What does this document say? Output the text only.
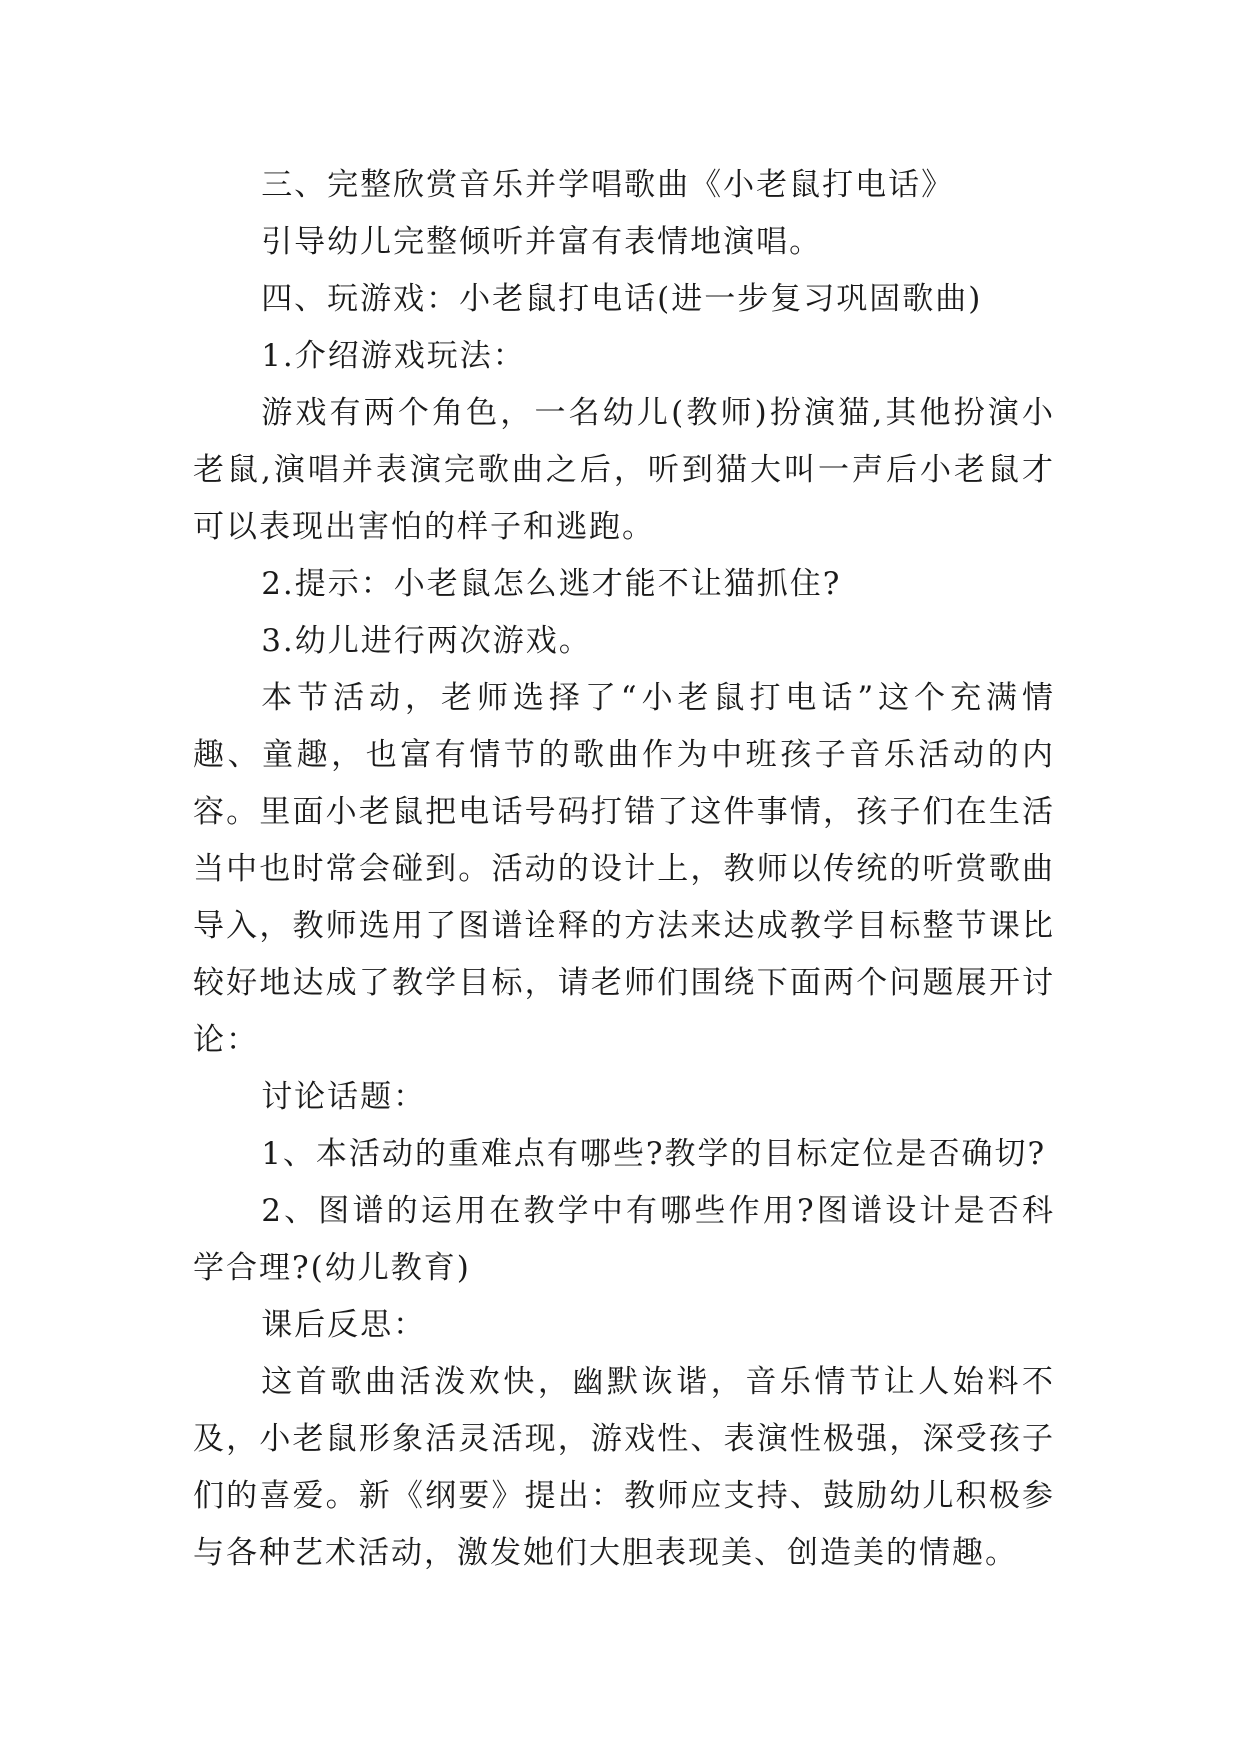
三、完整欣赏音乐并学唱歌曲《小老鼠打电话》

引导幼儿完整倾听并富有表情地演唱。

四、玩游戏：小老鼠打电话(进一步复习巩固歌曲)

1.介绍游戏玩法：

游戏有两个角色，一名幼儿(教师)扮演猫,其他扮演小老鼠,演唱并表演完歌曲之后，听到猫大叫一声后小老鼠才可以表现出害怕的样子和逃跑。

2.提示：小老鼠怎么逃才能不让猫抓住?

3.幼儿进行两次游戏。

本节活动，老师选择了“小老鼠打电话”这个充满情趣、童趣，也富有情节的歌曲作为中班孩子音乐活动的内容。里面小老鼠把电话号码打错了这件事情，孩子们在生活当中也时常会碰到。活动的设计上，教师以传统的听赏歌曲导入，教师选用了图谱诠释的方法来达成教学目标整节课比较好地达成了教学目标，请老师们围绕下面两个问题展开讨论：

讨论话题：

1、本活动的重难点有哪些?教学的目标定位是否确切?

2、图谱的运用在教学中有哪些作用?图谱设计是否科学合理?(幼儿教育)

课后反思：

这首歌曲活泼欢快，幽默诙谐，音乐情节让人始料不及，小老鼠形象活灵活现，游戏性、表演性极强，深受孩子们的喜爱。新《纲要》提出：教师应支持、鼓励幼儿积极参与各种艺术活动，激发她们大胆表现美、创造美的情趣。
